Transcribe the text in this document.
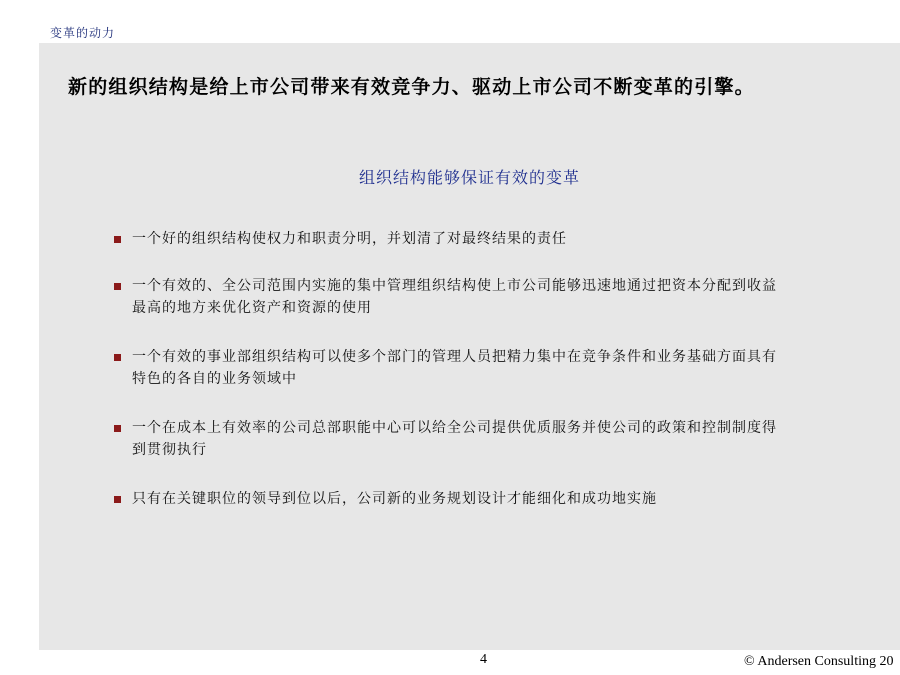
变革的动力
新的组织结构是给上市公司带来有效竞争力、驱动上市公司不断变革的引擎。
组织结构能够保证有效的变革
一个好的组织结构使权力和职责分明，并划清了对最终结果的责任
一个有效的、全公司范围内实施的集中管理组织结构使上市公司能够迅速地通过把资本分配到收益
最高的地方来优化资产和资源的使用
一个有效的事业部组织结构可以使多个部门的管理人员把精力集中在竞争条件和业务基础方面具有
特色的各自的业务领域中
一个在成本上有效率的公司总部职能中心可以给全公司提供优质服务并使公司的政策和控制制度得
到贯彻执行
只有在关键职位的领导到位以后，公司新的业务规划设计才能细化和成功地实施
4	© Andersen Consulting 20
